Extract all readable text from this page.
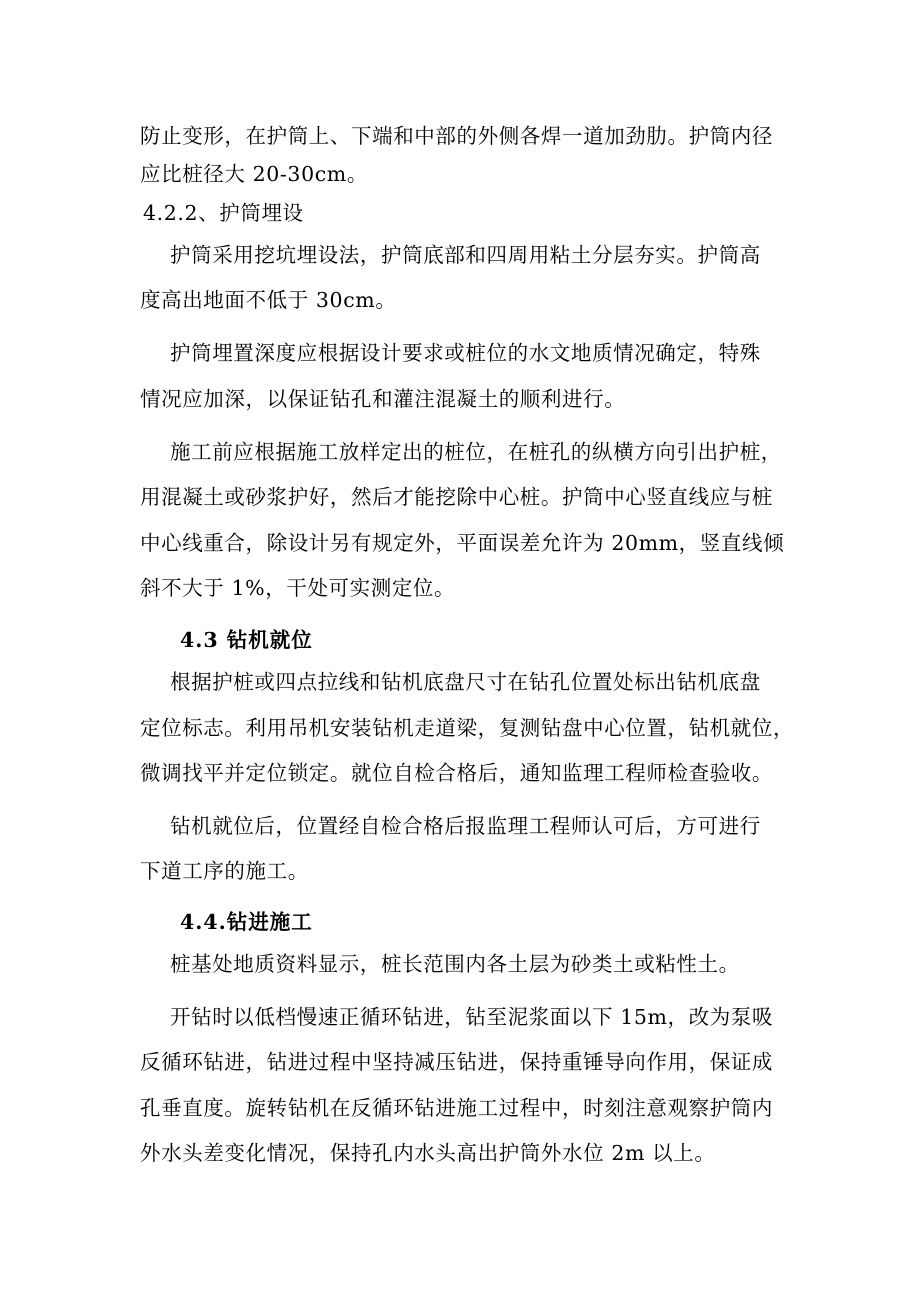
防止变形，在护筒上、下端和中部的外侧各焊一道加劲肋。护筒内径
应比桩径大 20-30cm。
4.2.2、护筒埋设
护筒采用挖坑埋设法，护筒底部和四周用粘土分层夯实。护筒高
度高出地面不低于 30cm。
护筒埋置深度应根据设计要求或桩位的水文地质情况确定，特殊
情况应加深，以保证钻孔和灌注混凝土的顺利进行。
施工前应根据施工放样定出的桩位，在桩孔的纵横方向引出护桩，
用混凝土或砂浆护好，然后才能挖除中心桩。护筒中心竖直线应与桩
中心线重合，除设计另有规定外，平面误差允许为 20mm，竖直线倾
斜不大于 1%，干处可实测定位。
4.3 钻机就位
根据护桩或四点拉线和钻机底盘尺寸在钻孔位置处标出钻机底盘
定位标志。利用吊机安装钻机走道梁，复测钻盘中心位置，钻机就位，
微调找平并定位锁定。就位自检合格后，通知监理工程师检查验收。
钻机就位后，位置经自检合格后报监理工程师认可后，方可进行
下道工序的施工。
4.4.钻进施工
桩基处地质资料显示，桩长范围内各土层为砂类土或粘性土。
开钻时以低档慢速正循环钻进，钻至泥浆面以下 15m，改为泵吸
反循环钻进，钻进过程中坚持减压钻进，保持重锤导向作用，保证成
孔垂直度。旋转钻机在反循环钻进施工过程中，时刻注意观察护筒内
外水头差变化情况，保持孔内水头高出护筒外水位 2m 以上。
